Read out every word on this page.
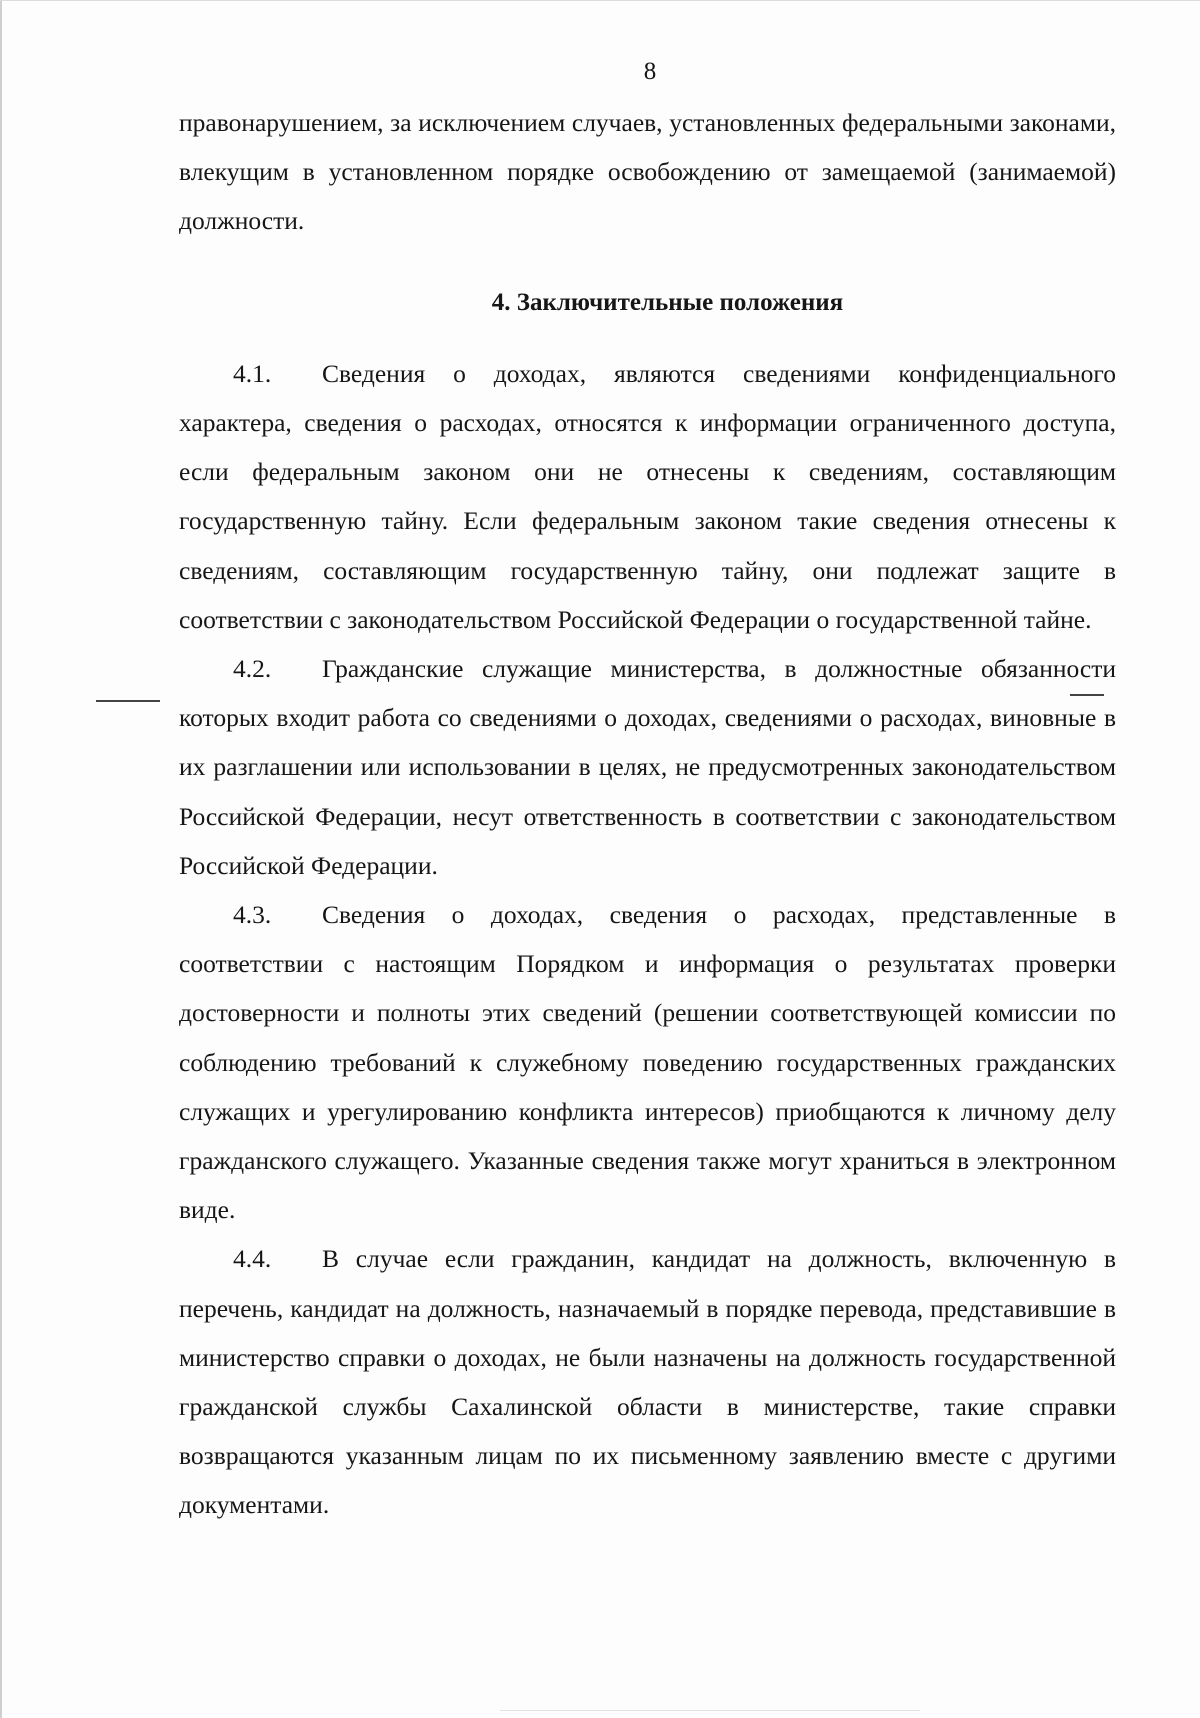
8

правонарушением, за исключением случаев, установленных федеральными законами, влекущим в установленном порядке освобождению от замещаемой (занимаемой) должности.

4. Заключительные положения

4.1. Сведения о доходах, являются сведениями конфиденциального характера, сведения о расходах, относятся к информации ограниченного доступа, если федеральным законом они не отнесены к сведениям, составляющим государственную тайну. Если федеральным законом такие сведения отнесены к сведениям, составляющим государственную тайну, они подлежат защите в соответствии с законодательством Российской Федерации о государственной тайне.

4.2. Гражданские служащие министерства, в должностные обязанности которых входит работа со сведениями о доходах, сведениями о расходах, виновные в их разглашении или использовании в целях, не предусмотренных законодательством Российской Федерации, несут ответственность в соответствии с законодательством Российской Федерации.

4.3. Сведения о доходах, сведения о расходах, представленные в соответствии с настоящим Порядком и информация о результатах проверки достоверности и полноты этих сведений (решении соответствующей комиссии по соблюдению требований к служебному поведению государственных гражданских служащих и урегулированию конфликта интересов) приобщаются к личному делу гражданского служащего. Указанные сведения также могут храниться в электронном виде.

4.4. В случае если гражданин, кандидат на должность, включенную в перечень, кандидат на должность, назначаемый в порядке перевода, представившие в министерство справки о доходах, не были назначены на должность государственной гражданской службы Сахалинской области в министерстве, такие справки возвращаются указанным лицам по их письменному заявлению вместе с другими документами.
